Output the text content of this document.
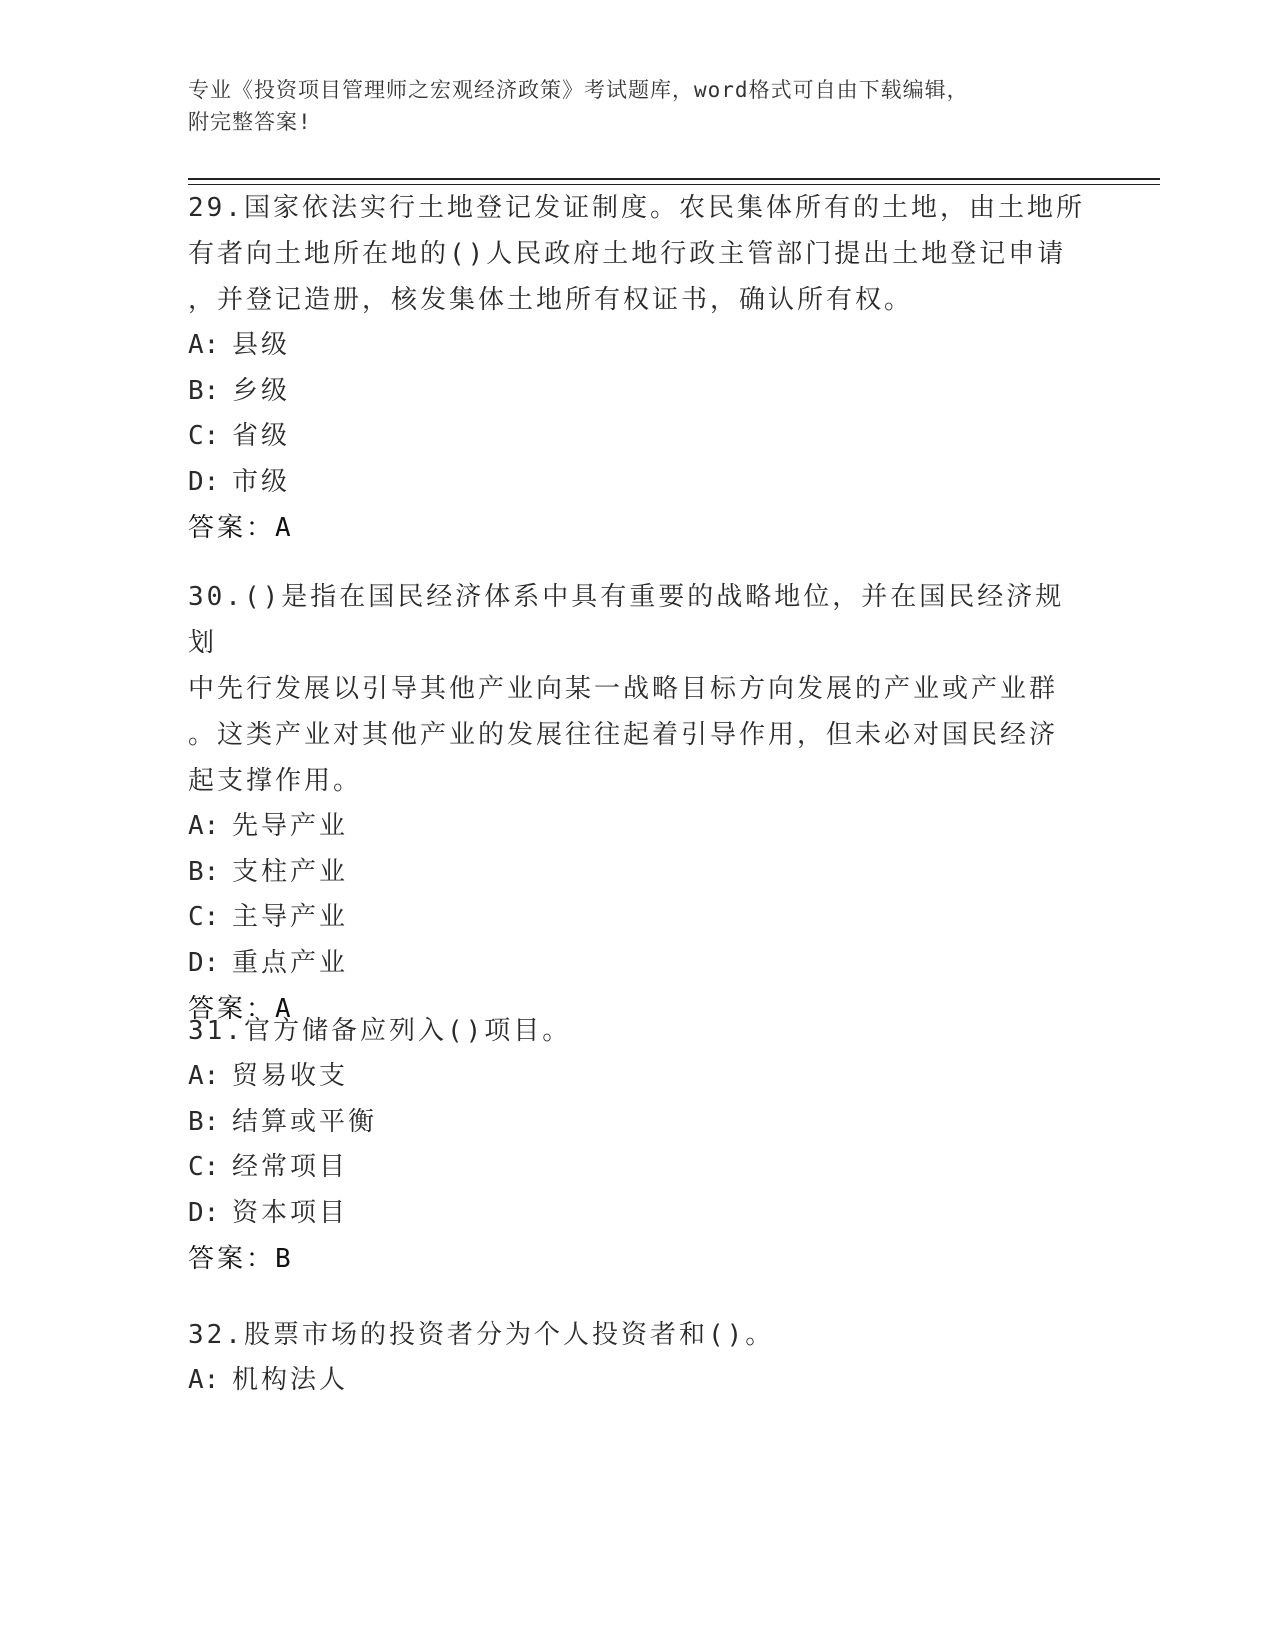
专业《投资项目管理师之宏观经济政策》考试题库，word格式可自由下载编辑，
附完整答案!

29.国家依法实行土地登记发证制度。农民集体所有的土地，由土地所

有者向土地所在地的()人民政府土地行政主管部门提出土地登记申请

，并登记造册，核发集体土地所有权证书，确认所有权。

A: 县级

B: 乡级

C: 省级

D: 市级

答案：A

30.()是指在国民经济体系中具有重要的战略地位，并在国民经济规划

中先行发展以引导其他产业向某一战略目标方向发展的产业或产业群

。这类产业对其他产业的发展往往起着引导作用，但未必对国民经济

起支撑作用。

A: 先导产业

B: 支柱产业

C: 主导产业

D: 重点产业

答案：A

31.官方储备应列入()项目。

A: 贸易收支

B: 结算或平衡

C: 经常项目

D: 资本项目

答案：B

32.股票市场的投资者分为个人投资者和()。

A: 机构法人
